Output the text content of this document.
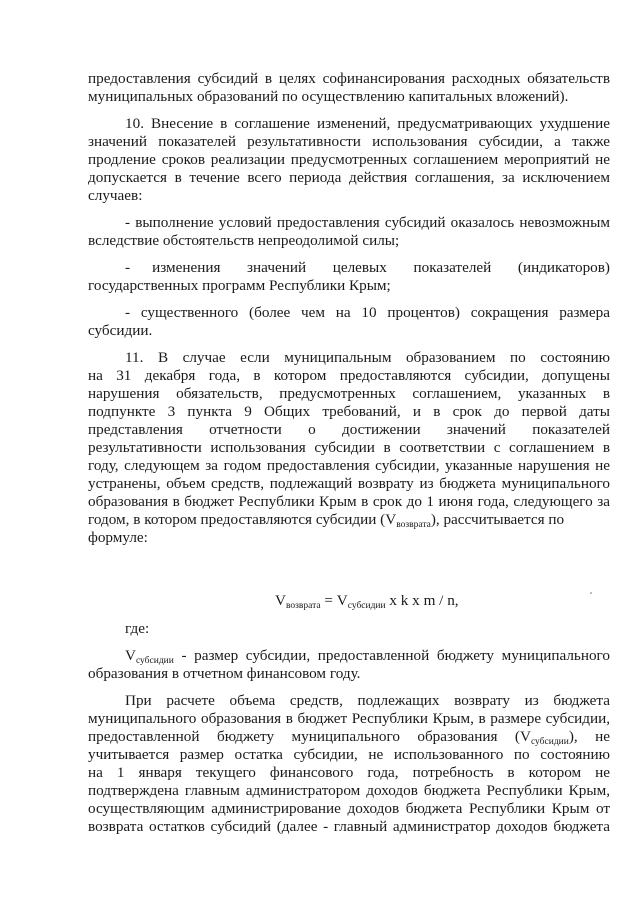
предоставления субсидий в целях софинансирования расходных обязательств
муниципальных образований по осуществлению капитальных вложений).
10. Внесение в соглашение изменений, предусматривающих ухудшение
значений показателей результативности использования субсидии, а также
продление сроков реализации предусмотренных соглашением мероприятий не
допускается в течение всего периода действия соглашения, за исключением
случаев:
- выполнение условий предоставления субсидий оказалось невозможным
вследствие обстоятельств непреодолимой силы;
- изменения значений целевых показателей (индикаторов)
государственных программ Республики Крым;
- существенного (более чем на 10 процентов) сокращения размера
субсидии.
11. В случае если муниципальным образованием по состоянию
на 31 декабря года, в котором предоставляются субсидии, допущены
нарушения обязательств, предусмотренных соглашением, указанных в
подпункте 3 пункта 9 Общих требований, и в срок до первой даты
представления отчетности о достижении значений показателей
результативности использования субсидии в соответствии с соглашением в
году, следующем за годом предоставления субсидии, указанные нарушения не
устранены, объем средств, подлежащий возврату из бюджета муниципального
образования в бюджет Республики Крым в срок до 1 июня года, следующего за
годом, в котором предоставляются субсидии (Vвозврата), рассчитывается по
формуле:
Vвозврата = Vсубсидии x k x m / n,
где:
Vсубсидии - размер субсидии, предоставленной бюджету муниципального
образования в отчетном финансовом году.
При расчете объема средств, подлежащих возврату из бюджета
муниципального образования в бюджет Республики Крым, в размере субсидии,
предоставленной бюджету муниципального образования (Vсубсидии), не
учитывается размер остатка субсидии, не использованного по состоянию
на 1 января текущего финансового года, потребность в котором не
подтверждена главным администратором доходов бюджета Республики Крым,
осуществляющим администрирование доходов бюджета Республики Крым от
возврата остатков субсидий (далее - главный администратор доходов бюджета
